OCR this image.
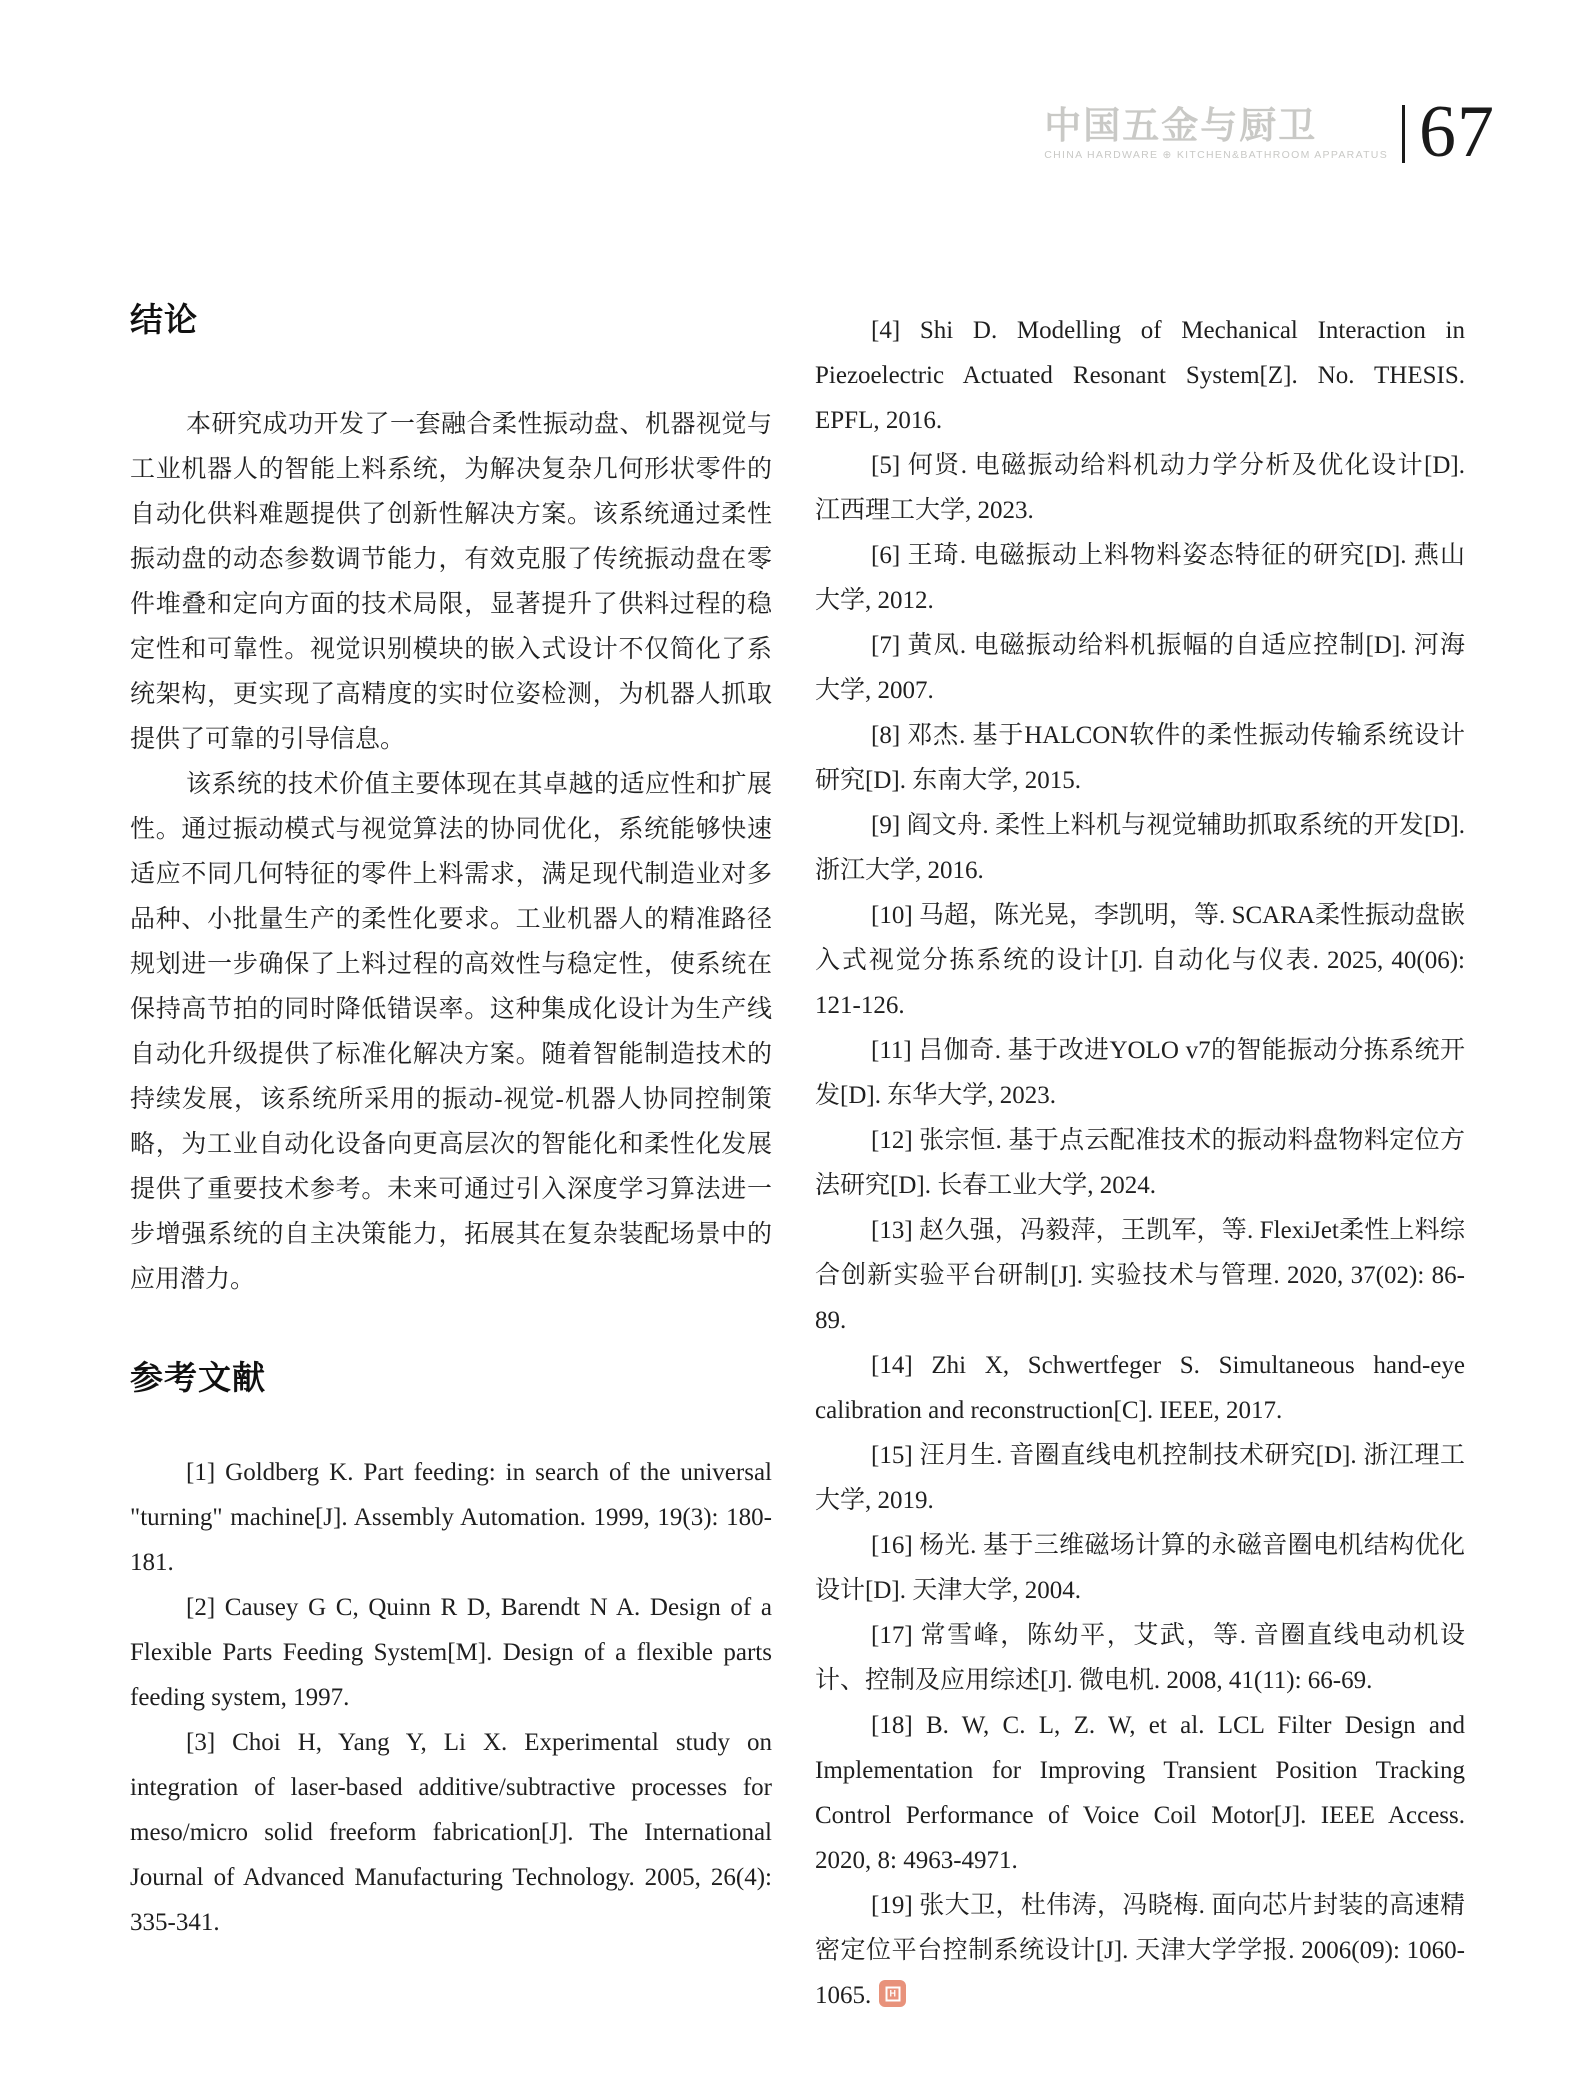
中国五金与厨卫
CHINA HARDWARE ⊕ KITCHEN&BATHROOM APPARATUS 67
结论

本研究成功开发了一套融合柔性振动盘、机器视觉与工业机器人的智能上料系统，为解决复杂几何形状零件的自动化供料难题提供了创新性解决方案。该系统通过柔性振动盘的动态参数调节能力，有效克服了传统振动盘在零件堆叠和定向方面的技术局限，显著提升了供料过程的稳定性和可靠性。视觉识别模块的嵌入式设计不仅简化了系统架构，更实现了高精度的实时位姿检测，为机器人抓取提供了可靠的引导信息。

该系统的技术价值主要体现在其卓越的适应性和扩展性。通过振动模式与视觉算法的协同优化，系统能够快速适应不同几何特征的零件上料需求，满足现代制造业对多品种、小批量生产的柔性化要求。工业机器人的精准路径规划进一步确保了上料过程的高效性与稳定性，使系统在保持高节拍的同时降低错误率。这种集成化设计为生产线自动化升级提供了标准化解决方案。随着智能制造技术的持续发展，该系统所采用的振动-视觉-机器人协同控制策略，为工业自动化设备向更高层次的智能化和柔性化发展提供了重要技术参考。未来可通过引入深度学习算法进一步增强系统的自主决策能力，拓展其在复杂装配场景中的应用潜力。

参考文献

[1] Goldberg K. Part feeding: in search of the universal "turning" machine[J]. Assembly Automation. 1999, 19(3): 180-181.

[2] Causey G C, Quinn R D, Barendt N A. Design of a Flexible Parts Feeding System[M]. Design of a flexible parts feeding system, 1997.

[3] Choi H, Yang Y, Li X. Experimental study on integration of laser-based additive/subtractive processes for meso/micro solid freeform fabrication[J]. The International Journal of Advanced Manufacturing Technology. 2005, 26(4): 335-341.

[4] Shi D. Modelling of Mechanical Interaction in Piezoelectric Actuated Resonant System[Z]. No. THESIS. EPFL, 2016.

[5] 何贤. 电磁振动给料机动力学分析及优化设计[D]. 江西理工大学, 2023.

[6] 王琦. 电磁振动上料物料姿态特征的研究[D]. 燕山大学, 2012.

[7] 黄凤. 电磁振动给料机振幅的自适应控制[D]. 河海大学, 2007.

[8] 邓杰. 基于HALCON软件的柔性振动传输系统设计研究[D]. 东南大学, 2015.

[9] 阎文舟. 柔性上料机与视觉辅助抓取系统的开发[D]. 浙江大学, 2016.

[10] 马超，陈光晃，李凯明，等. SCARA柔性振动盘嵌入式视觉分拣系统的设计[J]. 自动化与仪表. 2025, 40(06): 121-126.

[11] 吕伽奇. 基于改进YOLO v7的智能振动分拣系统开发[D]. 东华大学, 2023.

[12] 张宗恒. 基于点云配准技术的振动料盘物料定位方法研究[D]. 长春工业大学, 2024.

[13] 赵久强，冯毅萍，王凯军，等. FlexiJet柔性上料综合创新实验平台研制[J]. 实验技术与管理. 2020, 37(02): 86-89.

[14] Zhi X, Schwertfeger S. Simultaneous hand-eye calibration and reconstruction[C]. IEEE, 2017.

[15] 汪月生. 音圈直线电机控制技术研究[D]. 浙江理工大学, 2019.

[16] 杨光. 基于三维磁场计算的永磁音圈电机结构优化设计[D]. 天津大学, 2004.

[17] 常雪峰，陈幼平，艾武，等. 音圈直线电动机设计、控制及应用综述[J]. 微电机. 2008, 41(11): 66-69.

[18] B. W, C. L, Z. W, et al. LCL Filter Design and Implementation for Improving Transient Position Tracking Control Performance of Voice Coil Motor[J]. IEEE Access. 2020, 8: 4963-4971.

[19] 张大卫，杜伟涛，冯晓梅. 面向芯片封装的高速精密定位平台控制系统设计[J]. 天津大学学报. 2006(09): 1060-1065.	H
